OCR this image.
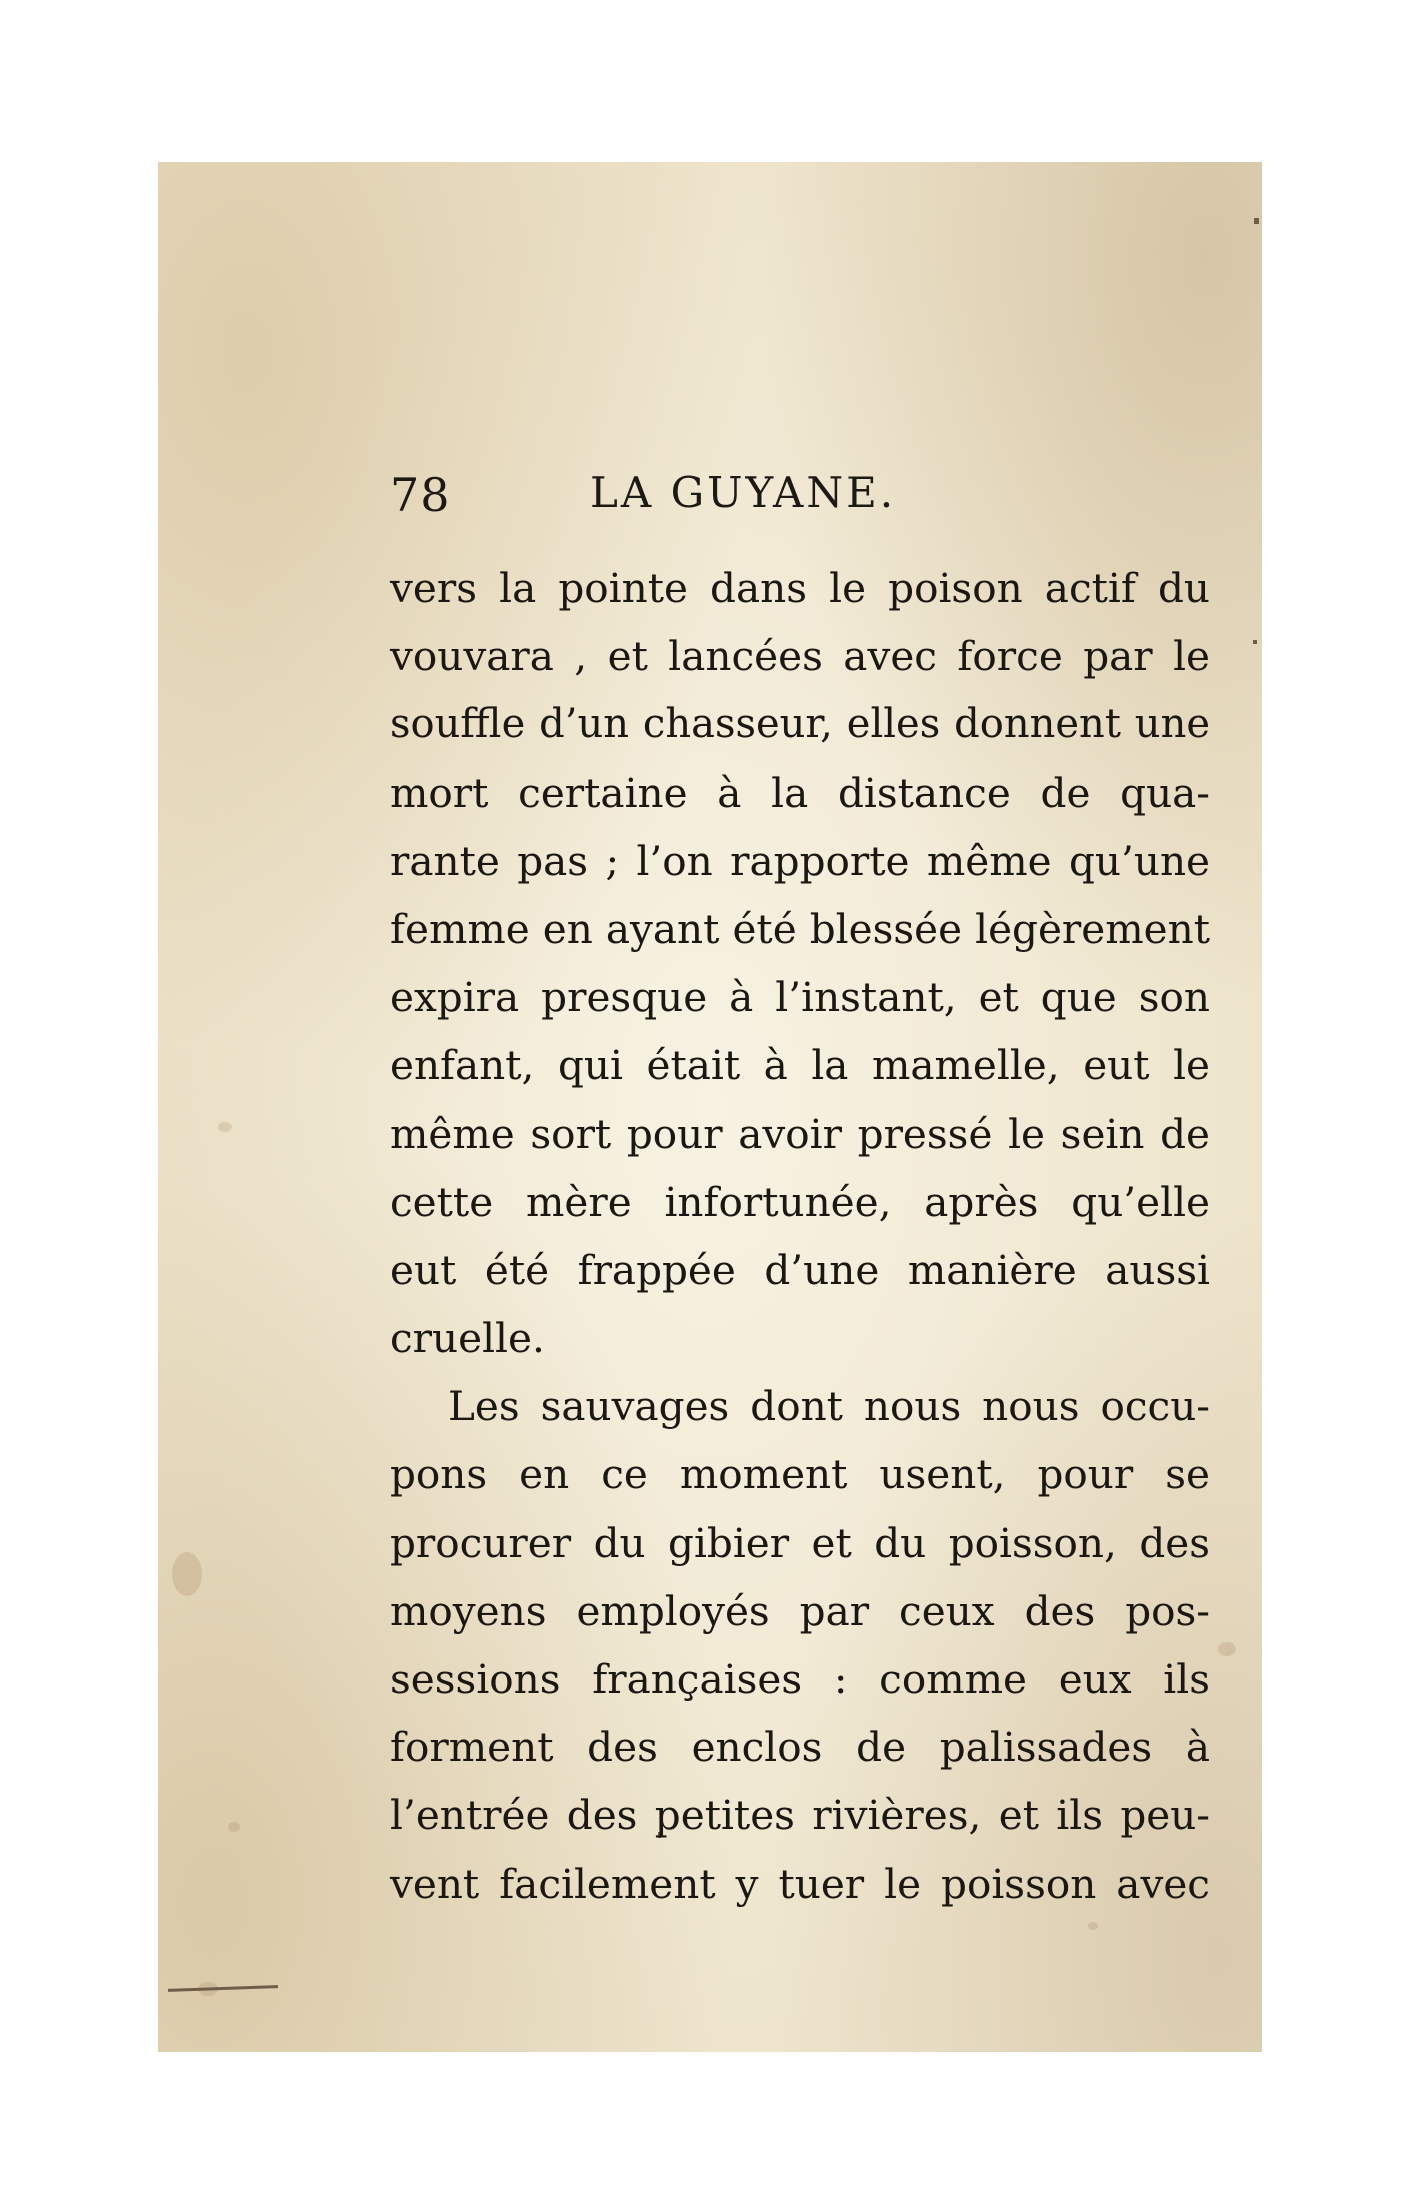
78	LA GUYANE.
vers la pointe dans le poison actif du
vouvara , et lancées avec force par le
souffle d’un chasseur, elles donnent une
mort certaine à la distance de qua-
rante pas ; l’on rapporte même qu’une
femme en ayant été blessée légèrement
expira presque à l’instant, et que son
enfant, qui était à la mamelle, eut le
même sort pour avoir pressé le sein de
cette mère infortunée, après qu’elle
eut été frappée d’une manière aussi
cruelle.
Les sauvages dont nous nous occu-
pons en ce moment usent, pour se
procurer du gibier et du poisson, des
moyens employés par ceux des pos-
sessions françaises : comme eux ils
forment des enclos de palissades à
l’entrée des petites rivières, et ils peu-
vent facilement y tuer le poisson avec
